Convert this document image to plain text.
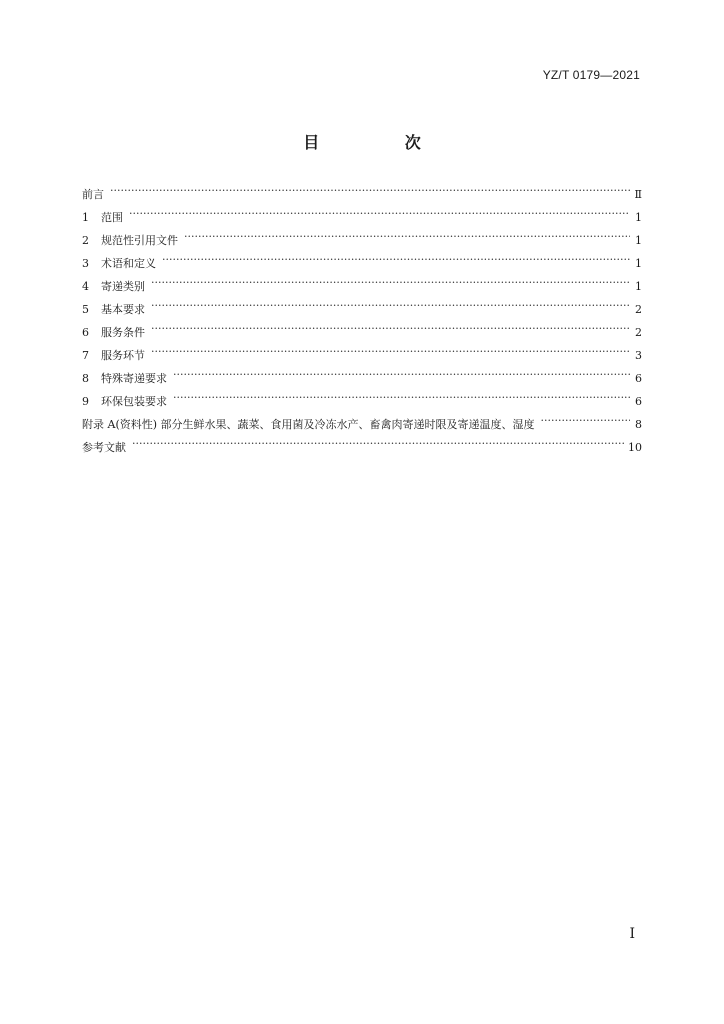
YZ/T 0179—2021
目 次
前言 ·····	Ⅱ
1	范围 ·····	1
2	规范性引用文件 ·····	1
3	术语和定义 ·····	1
4	寄递类别 ·····	1
5	基本要求 ·····	2
6	服务条件 ·····	2
7	服务环节 ·····	3
8	特殊寄递要求 ·····	6
9	环保包装要求 ·····	6
附录 A(资料性) 部分生鲜水果、蔬菜、食用菌及冷冻水产、畜禽肉寄递时限及寄递温度、湿度 ·····	8
参考文献 ·····	10
I
